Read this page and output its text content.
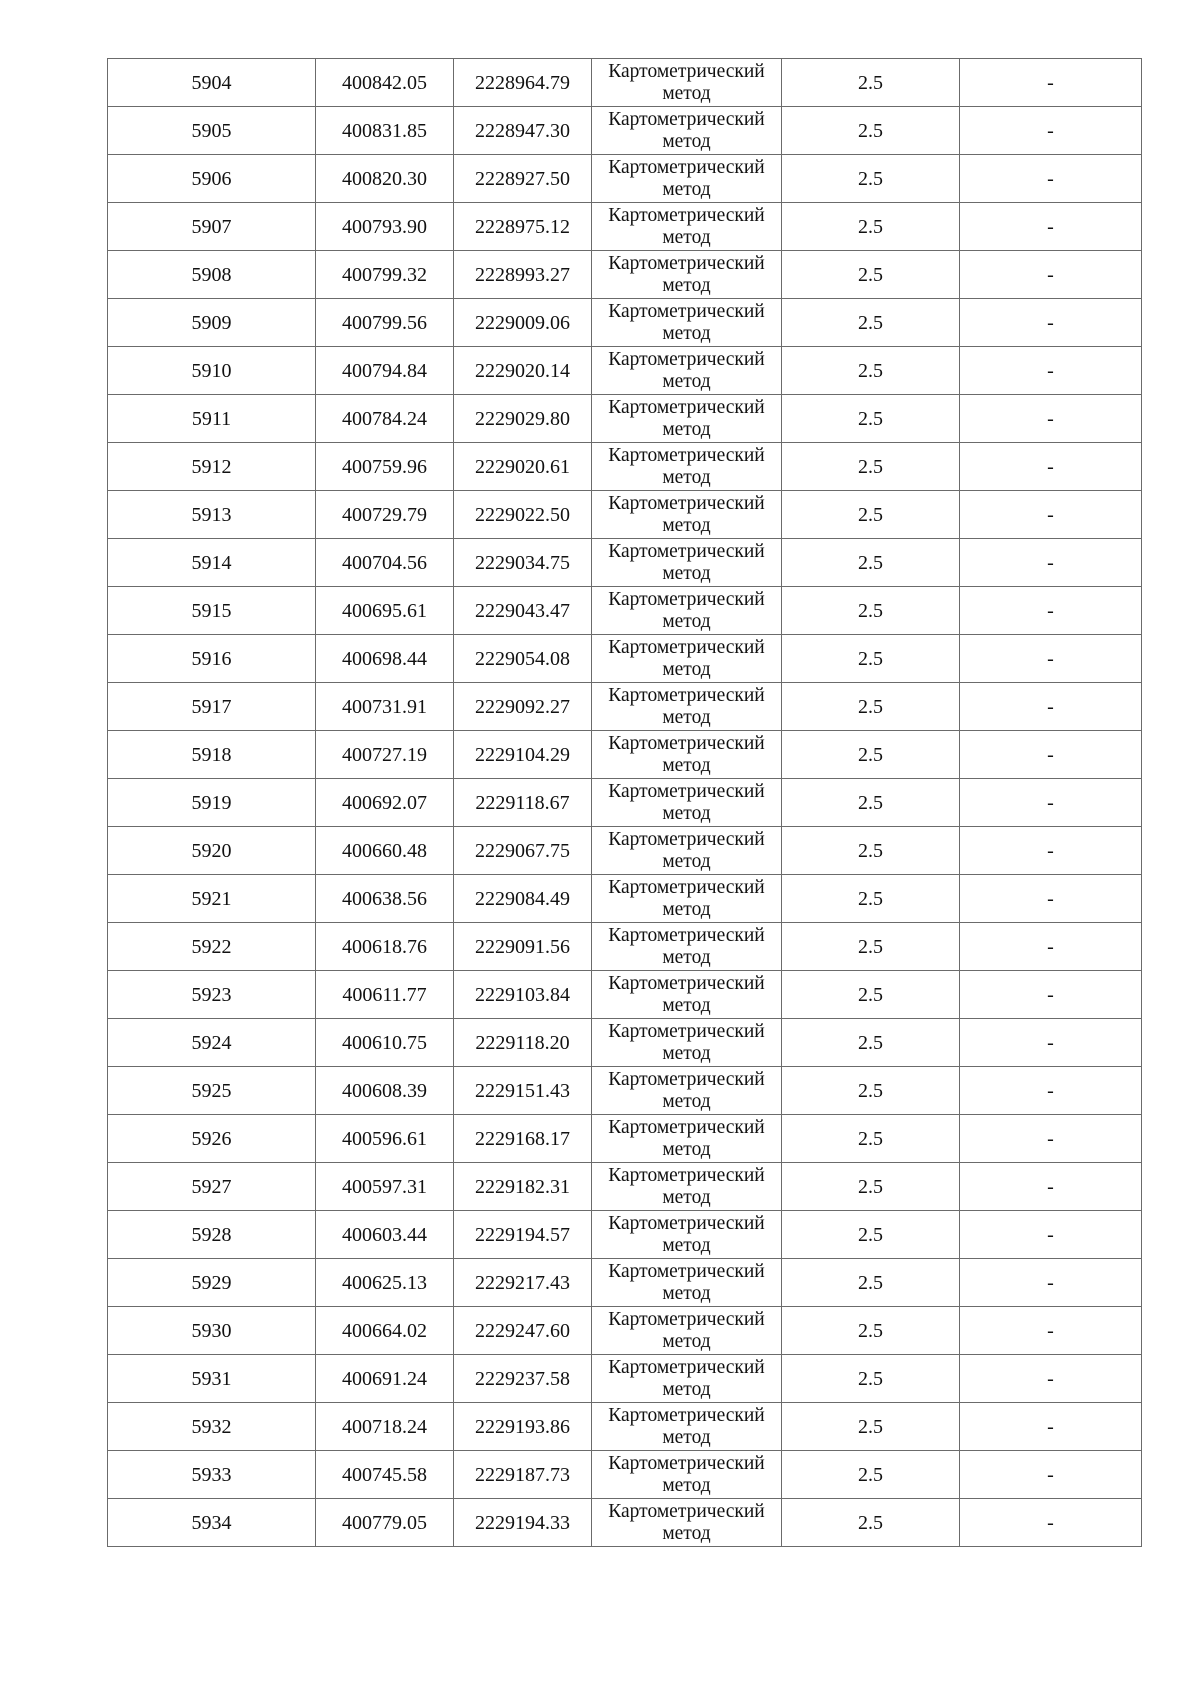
5904	400842.05	2228964.79	Картометрический
метод	2.5	-
5905	400831.85	2228947.30	Картометрический
метод	2.5	-
5906	400820.30	2228927.50	Картометрический
метод	2.5	-
5907	400793.90	2228975.12	Картометрический
метод	2.5	-
5908	400799.32	2228993.27	Картометрический
метод	2.5	-
5909	400799.56	2229009.06	Картометрический
метод	2.5	-
5910	400794.84	2229020.14	Картометрический
метод	2.5	-
5911	400784.24	2229029.80	Картометрический
метод	2.5	-
5912	400759.96	2229020.61	Картометрический
метод	2.5	-
5913	400729.79	2229022.50	Картометрический
метод	2.5	-
5914	400704.56	2229034.75	Картометрический
метод	2.5	-
5915	400695.61	2229043.47	Картометрический
метод	2.5	-
5916	400698.44	2229054.08	Картометрический
метод	2.5	-
5917	400731.91	2229092.27	Картометрический
метод	2.5	-
5918	400727.19	2229104.29	Картометрический
метод	2.5	-
5919	400692.07	2229118.67	Картометрический
метод	2.5	-
5920	400660.48	2229067.75	Картометрический
метод	2.5	-
5921	400638.56	2229084.49	Картометрический
метод	2.5	-
5922	400618.76	2229091.56	Картометрический
метод	2.5	-
5923	400611.77	2229103.84	Картометрический
метод	2.5	-
5924	400610.75	2229118.20	Картометрический
метод	2.5	-
5925	400608.39	2229151.43	Картометрический
метод	2.5	-
5926	400596.61	2229168.17	Картометрический
метод	2.5	-
5927	400597.31	2229182.31	Картометрический
метод	2.5	-
5928	400603.44	2229194.57	Картометрический
метод	2.5	-
5929	400625.13	2229217.43	Картометрический
метод	2.5	-
5930	400664.02	2229247.60	Картометрический
метод	2.5	-
5931	400691.24	2229237.58	Картометрический
метод	2.5	-
5932	400718.24	2229193.86	Картометрический
метод	2.5	-
5933	400745.58	2229187.73	Картометрический
метод	2.5	-
5934	400779.05	2229194.33	Картометрический
метод	2.5	-
